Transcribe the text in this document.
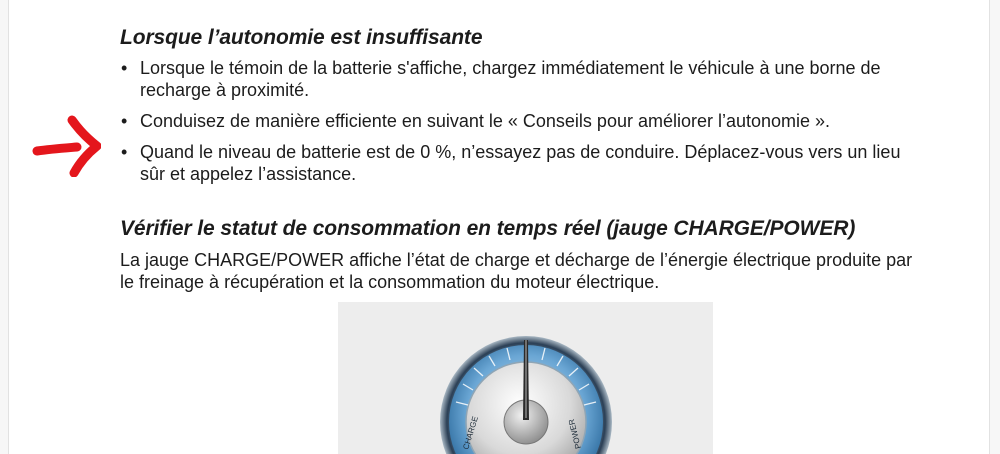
Lorsque l’autonomie est insuffisante
• Lorsque le témoin de la batterie s'affiche, chargez immédiatement le véhicule à une borne de recharge à proximité.
• Conduisez de manière efficiente en suivant le « Conseils pour améliorer l’autonomie ».
• Quand le niveau de batterie est de 0 %, n’essayez pas de conduire. Déplacez-vous vers un lieu sûr et appelez l’assistance.
Vérifier le statut de consommation en temps réel (jauge CHARGE/POWER)

La jauge CHARGE/POWER affiche l’état de charge et décharge de l’énergie électrique produite par le freinage à récupération et la consommation du moteur électrique.

CHARGE	POWER
